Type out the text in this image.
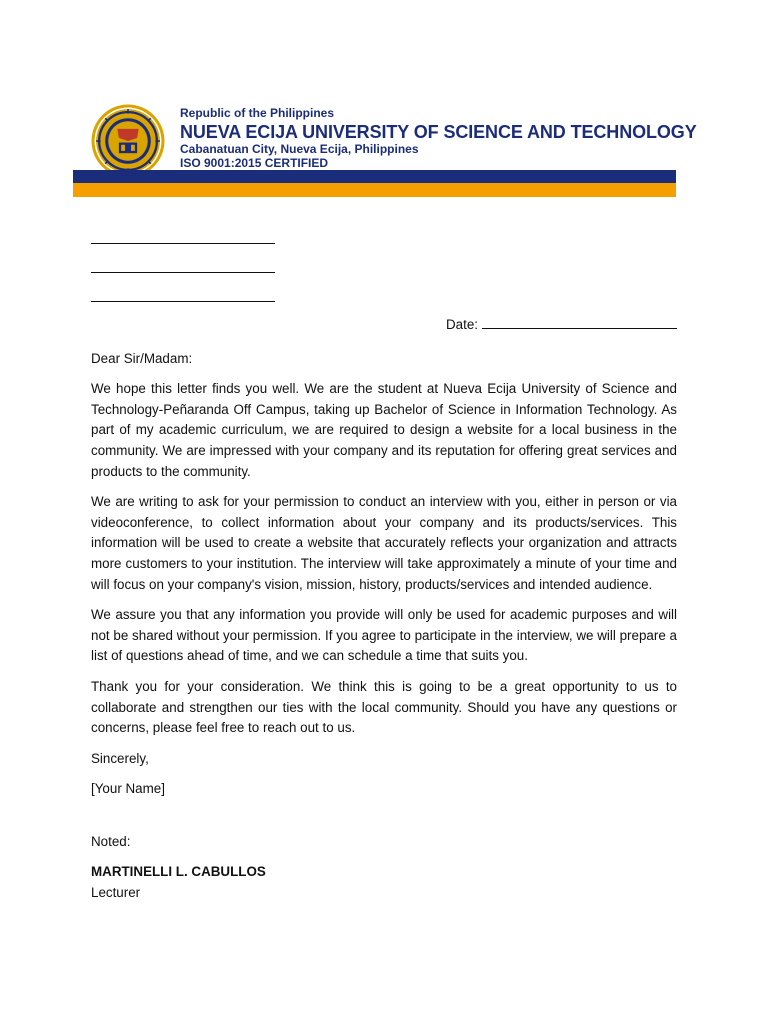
Republic of the Philippines
NUEVA ECIJA UNIVERSITY OF SCIENCE AND TECHNOLOGY
Cabanatuan City, Nueva Ecija, Philippines
ISO 9001:2015 CERTIFIED
Date:
Dear Sir/Madam:

We hope this letter finds you well. We are the student at Nueva Ecija University of Science and Technology-Peñaranda Off Campus, taking up Bachelor of Science in Information Technology. As part of my academic curriculum, we are required to design a website for a local business in the community. We are impressed with your company and its reputation for offering great services and products to the community.

We are writing to ask for your permission to conduct an interview with you, either in person or via videoconference, to collect information about your company and its products/services. This information will be used to create a website that accurately reflects your organization and attracts more customers to your institution. The interview will take approximately a minute of your time and will focus on your company's vision, mission, history, products/services and intended audience.

We assure you that any information you provide will only be used for academic purposes and will not be shared without your permission. If you agree to participate in the interview, we will prepare a list of questions ahead of time, and we can schedule a time that suits you.

Thank you for your consideration. We think this is going to be a great opportunity to us to collaborate and strengthen our ties with the local community. Should you have any questions or concerns, please feel free to reach out to us.

Sincerely,
[Your Name]
Noted:
MARTINELLI L. CABULLOS
Lecturer
